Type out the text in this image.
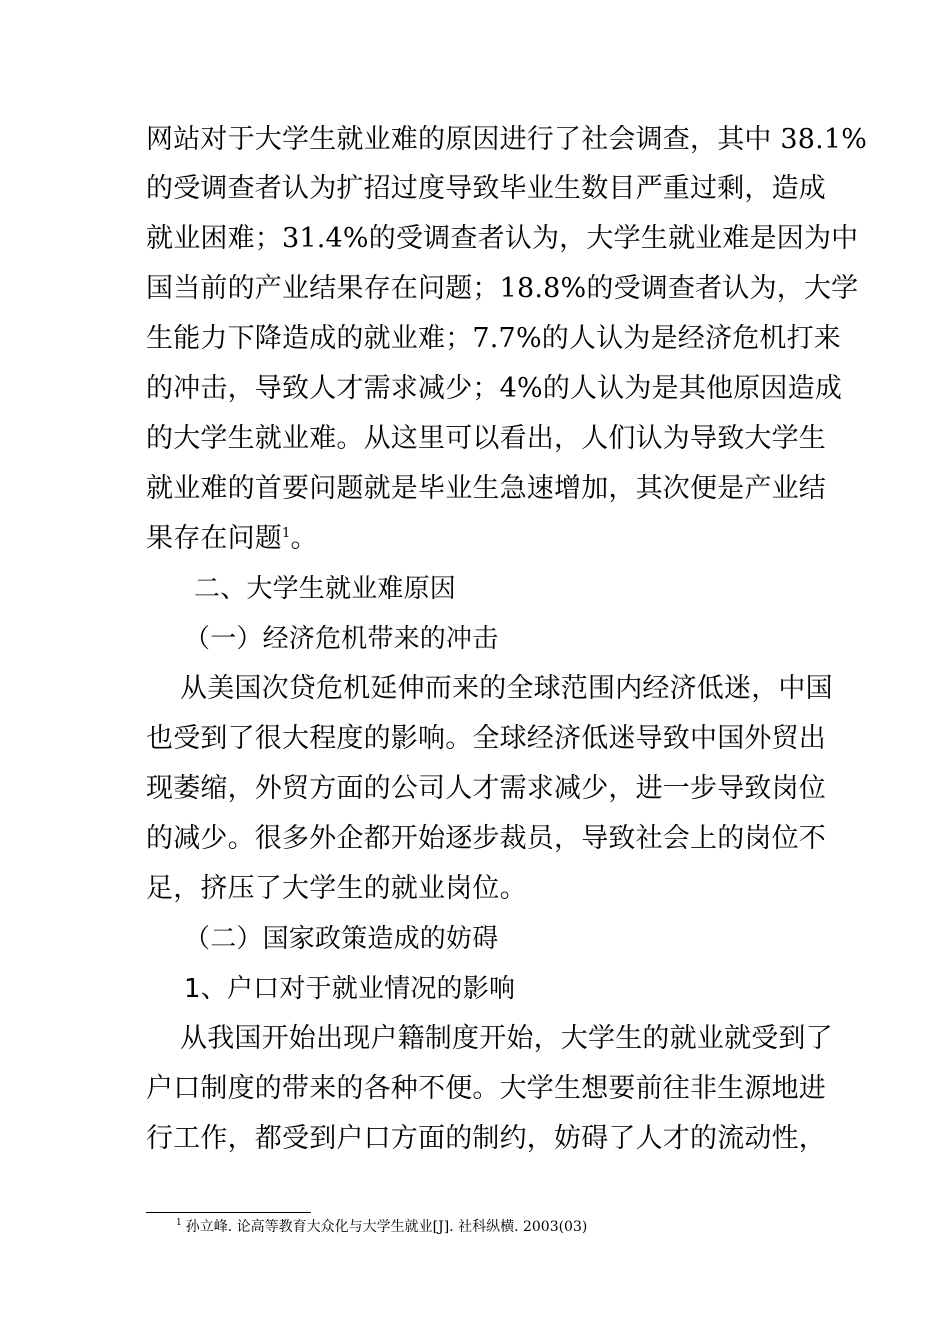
网站对于大学生就业难的原因进行了社会调查，其中 38.1%
的受调查者认为扩招过度导致毕业生数目严重过剩，造成
就业困难；31.4%的受调查者认为，大学生就业难是因为中
国当前的产业结果存在问题；18.8%的受调查者认为，大学
生能力下降造成的就业难；7.7%的人认为是经济危机打来
的冲击，导致人才需求减少；4%的人认为是其他原因造成
的大学生就业难。从这里可以看出，人们认为导致大学生
就业难的首要问题就是毕业生急速增加，其次便是产业结
果存在问题$^1$。
二、大学生就业难原因
（一）经济危机带来的冲击
从美国次贷危机延伸而来的全球范围内经济低迷，中国
也受到了很大程度的影响。全球经济低迷导致中国外贸出
现萎缩，外贸方面的公司人才需求减少，进一步导致岗位
的减少。很多外企都开始逐步裁员，导致社会上的岗位不
足，挤压了大学生的就业岗位。
（二）国家政策造成的妨碍
1、户口对于就业情况的影响
从我国开始出现户籍制度开始，大学生的就业就受到了
户口制度的带来的各种不便。大学生想要前往非生源地进
行工作，都受到户口方面的制约，妨碍了人才的流动性，
$^1$ 孙立峰. 论高等教育大众化与大学生就业[J]. 社科纵横. 2003(03)
